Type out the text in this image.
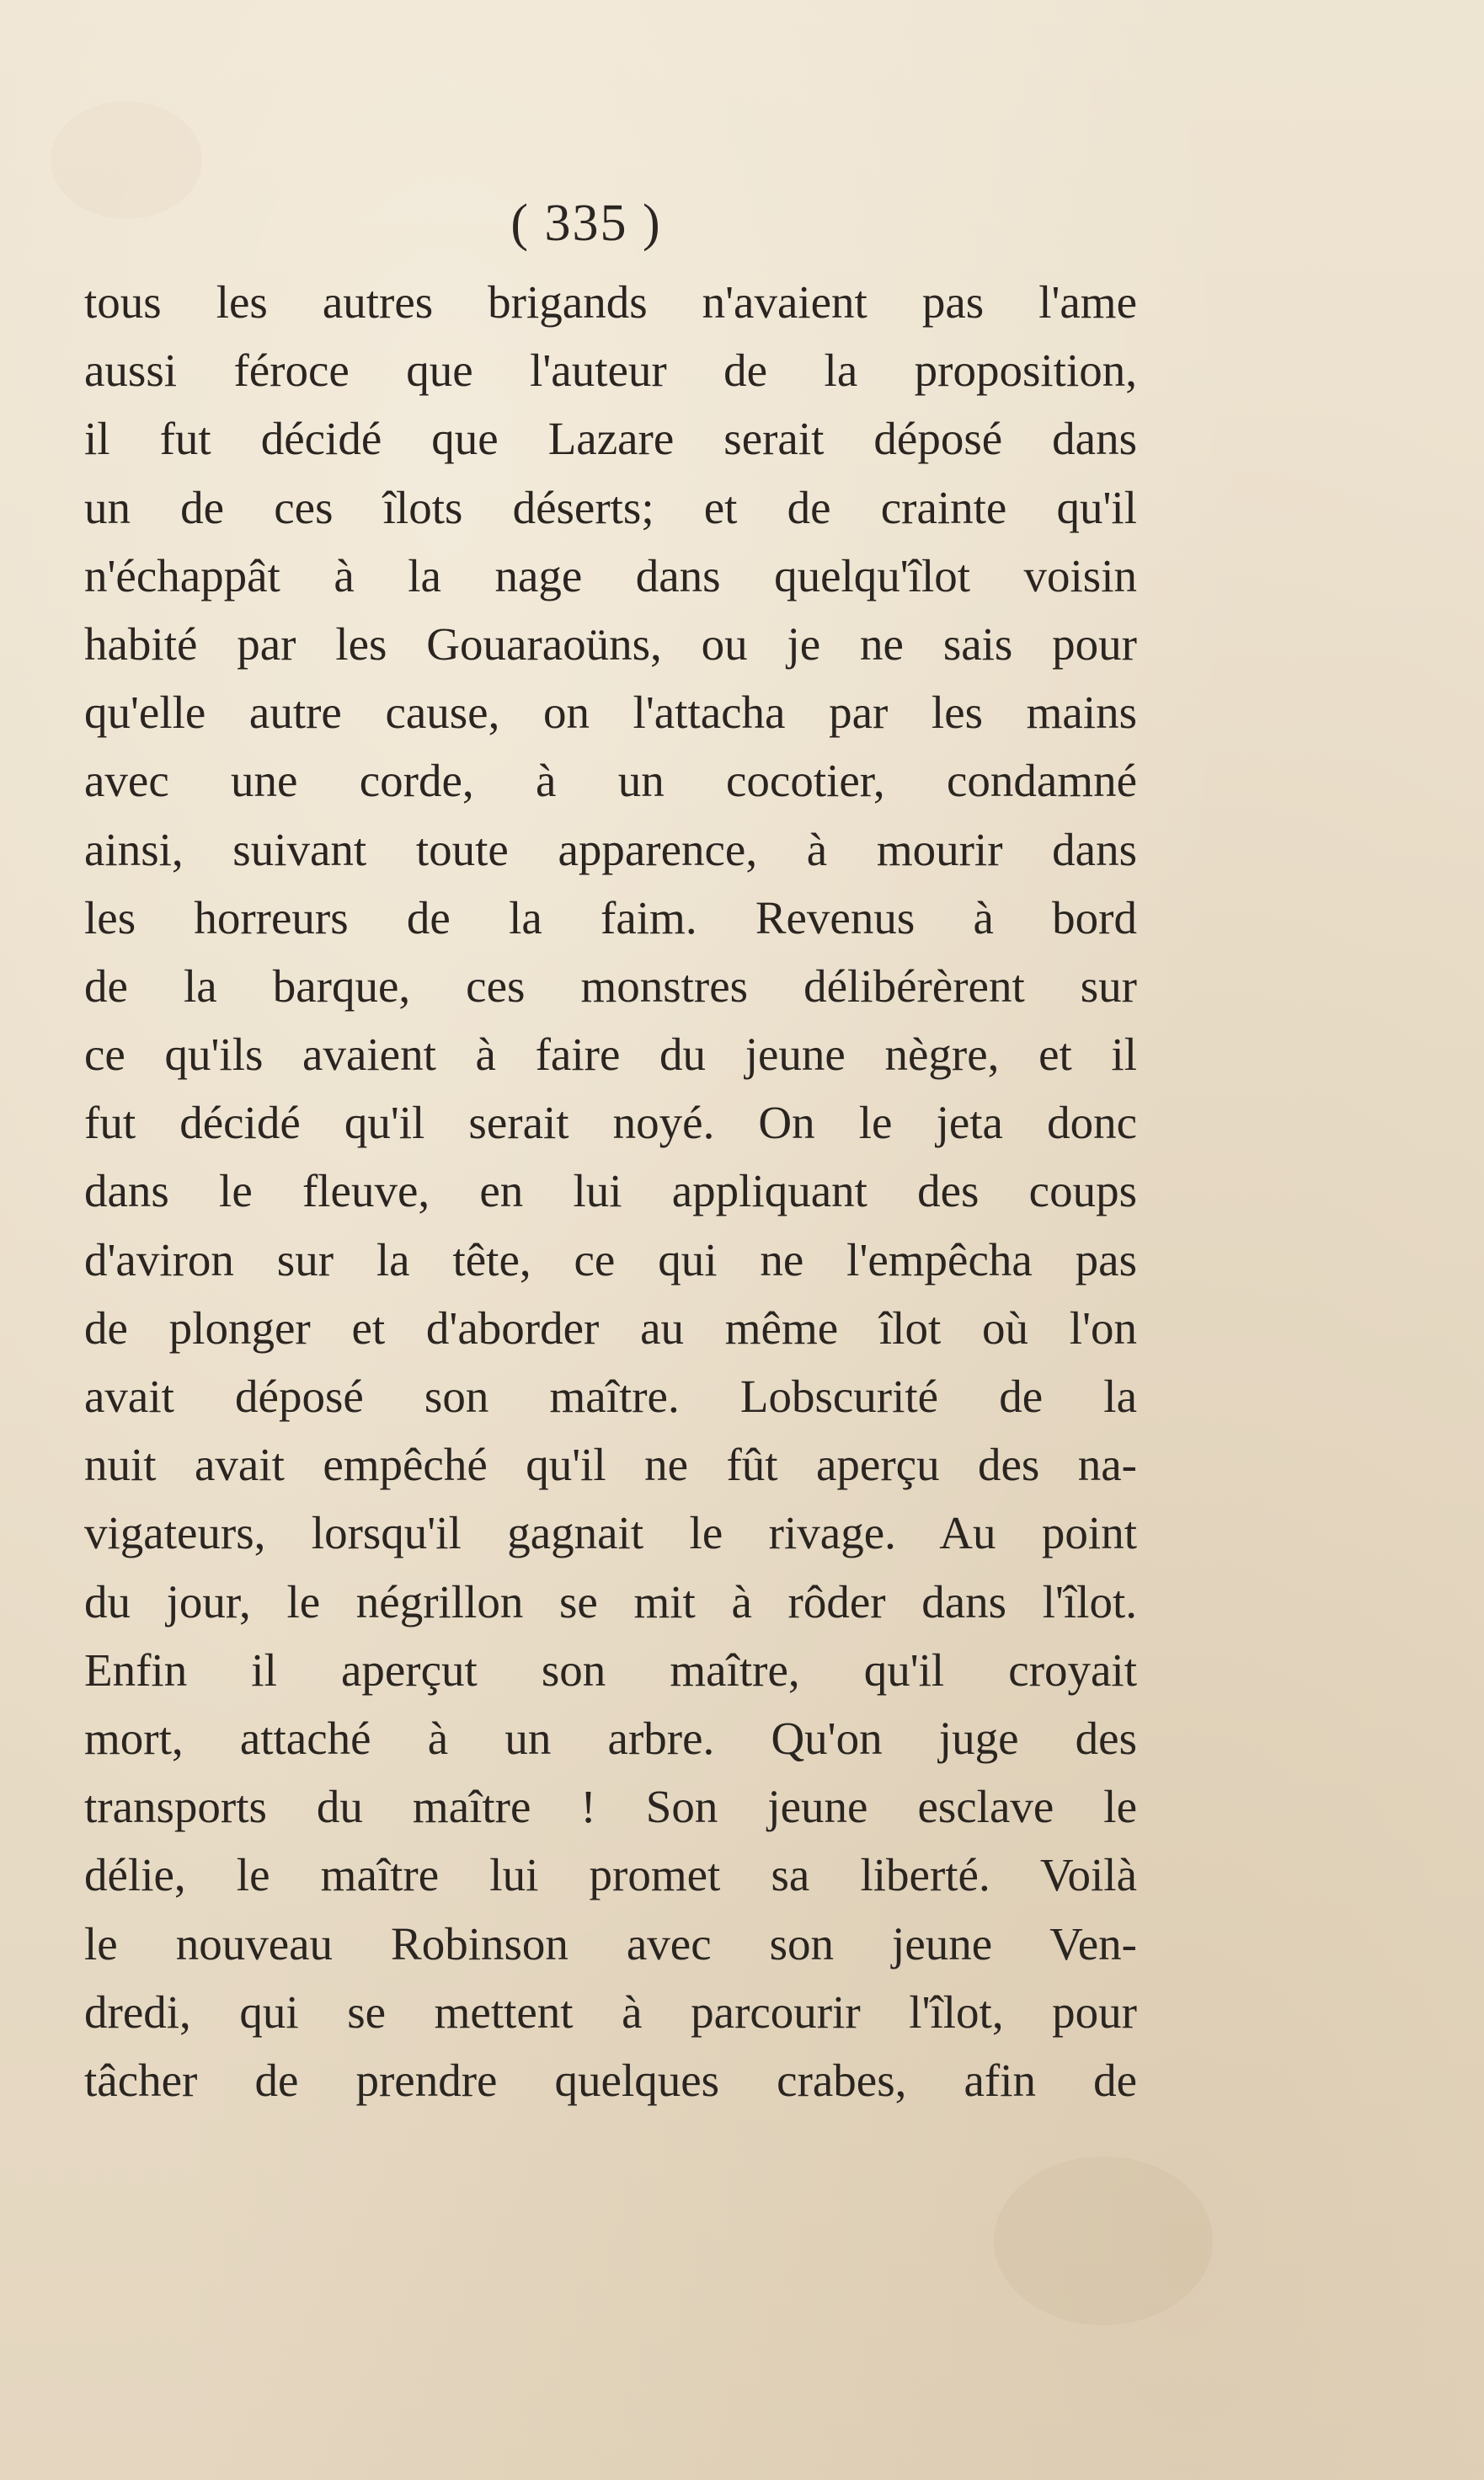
( 335 )
tous les autres brigands n'avaient pas l'ame
aussi féroce que l'auteur de la proposition,
il fut décidé que Lazare serait déposé dans
un de ces îlots déserts; et de crainte qu'il
n'échappât à la nage dans quelqu'îlot voisin
habité par les Gouaraoüns, ou je ne sais pour
qu'elle autre cause, on l'attacha par les mains
avec une corde, à un cocotier, condamné
ainsi, suivant toute apparence, à mourir dans
les horreurs de la faim. Revenus à bord
de la barque, ces monstres délibérèrent sur
ce qu'ils avaient à faire du jeune nègre, et il
fut décidé qu'il serait noyé. On le jeta donc
dans le fleuve, en lui appliquant des coups
d'aviron sur la tête, ce qui ne l'empêcha pas
de plonger et d'aborder au même îlot où l'on
avait déposé son maître. Lobscurité de la
nuit avait empêché qu'il ne fût aperçu des na-
vigateurs, lorsqu'il gagnait le rivage. Au point
du jour, le négrillon se mit à rôder dans l'îlot.
Enfin il aperçut son maître, qu'il croyait
mort, attaché à un arbre. Qu'on juge des
transports du maître ! Son jeune esclave le
délie, le maître lui promet sa liberté. Voilà
le nouveau Robinson avec son jeune Ven-
dredi, qui se mettent à parcourir l'îlot, pour
tâcher de prendre quelques crabes, afin de
